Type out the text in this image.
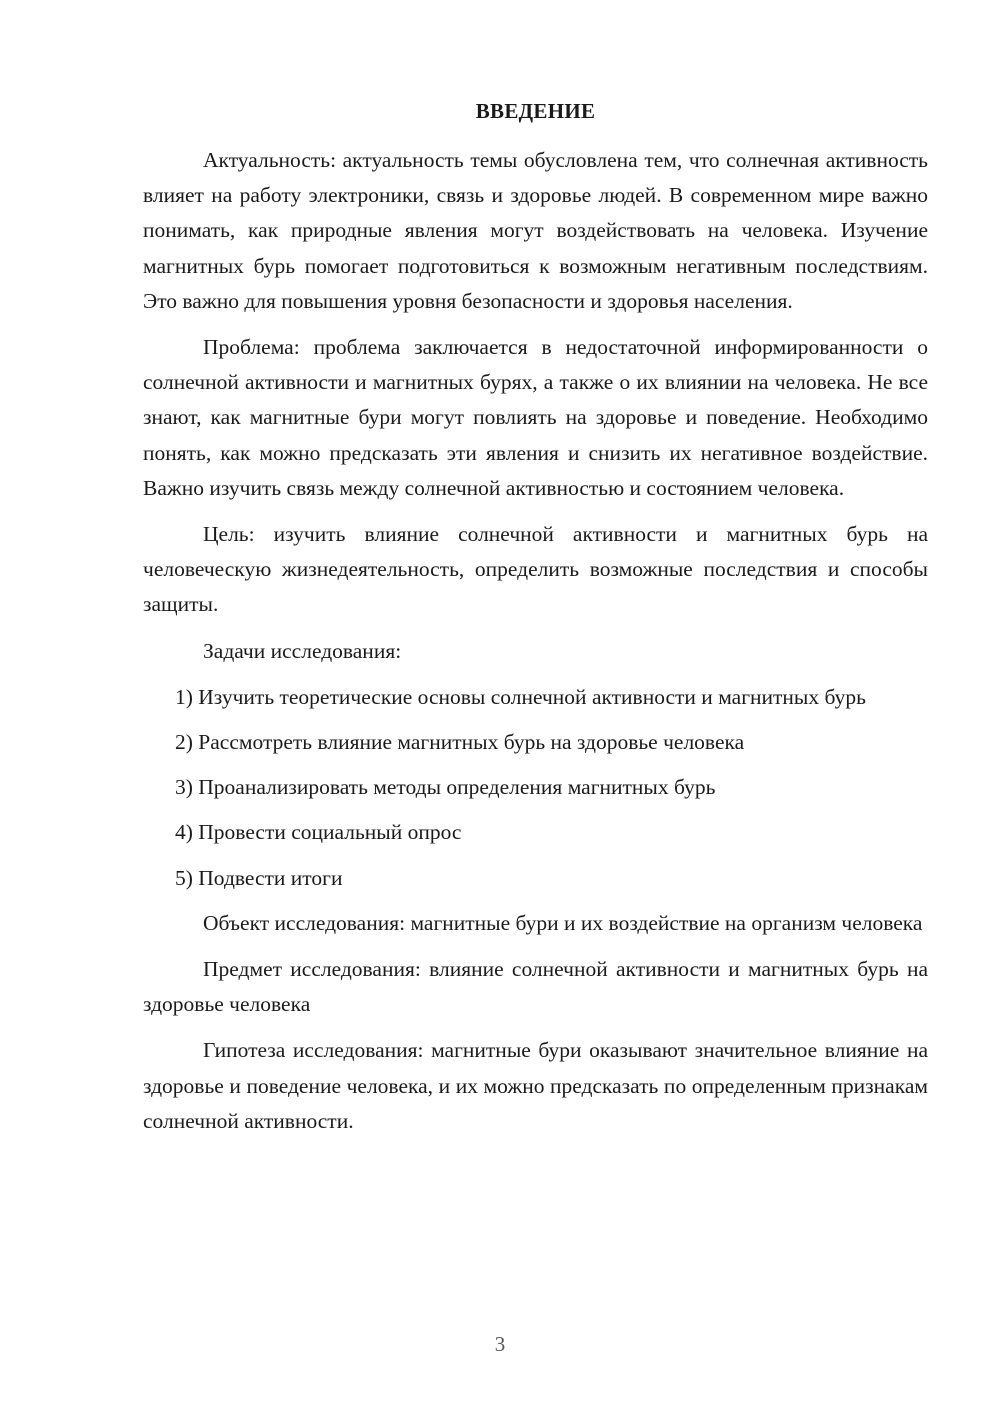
ВВЕДЕНИЕ

Актуальность: актуальность темы обусловлена тем, что солнечная активность влияет на работу электроники, связь и здоровье людей. В современном мире важно понимать, как природные явления могут воздействовать на человека. Изучение магнитных бурь помогает подготовиться к возможным негативным последствиям. Это важно для повышения уровня безопасности и здоровья населения.

Проблема: проблема заключается в недостаточной информированности о солнечной активности и магнитных бурях, а также о их влиянии на человека. Не все знают, как магнитные бури могут повлиять на здоровье и поведение. Необходимо понять, как можно предсказать эти явления и снизить их негативное воздействие. Важно изучить связь между солнечной активностью и состоянием человека.

Цель: изучить влияние солнечной активности и магнитных бурь на человеческую жизнедеятельность, определить возможные последствия и способы защиты.

Задачи исследования:

1) Изучить теоретические основы солнечной активности и магнитных бурь
2) Рассмотреть влияние магнитных бурь на здоровье человека
3) Проанализировать методы определения магнитных бурь
4) Провести социальный опрос
5) Подвести итоги

Объект исследования: магнитные бури и их воздействие на организм человека

Предмет исследования: влияние солнечной активности и магнитных бурь на здоровье человека

Гипотеза исследования: магнитные бури оказывают значительное влияние на здоровье и поведение человека, и их можно предсказать по определенным признакам солнечной активности.

3
